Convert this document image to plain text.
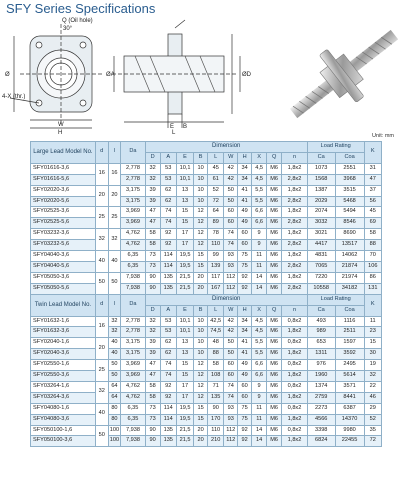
SFY Series Specifications
Q (Oil hole)
30°
4-X (thr.)
W
H
Ø
E B
L
ØA	ØD
Unit: mm
Large Lead Model No.	d	l	Da	Dimension										Load Rating		K
				D	A	E	B	L	W	H	X	Q	n	Ca	Coa	
SFY01616-3,6	16	16	2,778	32	53	10,1	10	45	42	34	4,5	M6	1,8x2	1073	2551	31
SFY01616-5,6			2,778	32	53	10,1	10	61	42	34	4,5	M6	2,8x2	1568	3968	47
SFY02020-3,6	20	20	3,175	39	62	13	10	52	50	41	5,5	M6	1,8x2	1387	3515	37
SFY02020-5,6			3,175	39	62	13	10	72	50	41	5,5	M6	2,8x2	2029	5468	56
SFY02525-3,6	25	25	3,969	47	74	15	12	64	60	49	6,6	M6	1,8x2	2074	5494	45
SFY02525-5,6			3,969	47	74	15	12	89	60	49	6,6	M6	2,8x2	3032	8546	69
SFY03232-3,6	32	32	4,762	58	92	17	12	78	74	60	9	M6	1,8x2	3021	8690	58
SFY03232-5,6			4,762	58	92	17	12	110	74	60	9	M6	2,8x2	4417	13517	88
SFY04040-3,6	40	40	6,35	73	114	19,5	15	99	93	75	11	M6	1,8x2	4831	14062	70
SFY04040-5,6			6,35	73	114	19,5	15	139	93	75	11	M6	2,8x2	7065	21874	106
SFY05050-3,6	50	50	7,938	90	135	21,5	20	117	112	92	14	M6	1,8x2	7220	21974	86
SFY05050-5,6			7,938	90	135	21,5	20	167	112	92	14	M6	2,8x2	10558	34182	131
Twin Lead Model No.	d	l	Da	Dimension										Load Rating		K
				D	A	E	B	L	W	H	X	Q	n	Ca	Coa	
SFY01632-1,6	16	32	2,778	32	53	10,1	10	42,5	42	34	4,5	M6	0,8x2	493	1116	11
SFY01632-3,6		32	2,778	32	53	10,1	10	74,5	42	34	4,5	M6	1,8x2	989	2511	23
SFY02040-1,6	20	40	3,175	39	62	13	10	48	50	41	5,5	M6	0,8x2	653	1597	15
SFY02040-3,6		40	3,175	39	62	13	10	88	50	41	5,5	M6	1,8x2	1311	3592	30
SFY02550-1,6	25	50	3,969	47	74	15	12	58	60	49	6,6	M6	0,8x2	976	2495	19
SFY02550-3,6		50	3,969	47	74	15	12	108	60	49	6,6	M6	1,8x2	1960	5614	32
SFY03264-1,6	32	64	4,762	58	92	17	12	71	74	60	9	M6	0,8x2	1374	3571	22
SFY03264-3,6		64	4,762	58	92	17	12	135	74	60	9	M6	1,8x2	2759	8441	46
SFY04080-1,6	40	80	6,35	73	114	19,5	15	90	93	75	11	M6	0,8x2	2273	6387	29
SFY04080-3,6		80	6,35	73	114	19,5	15	170	93	75	11	M6	1,8x2	4566	14370	52
SFY050100-1,6	50	100	7,938	90	135	21,5	20	110	112	92	14	M6	0,8x2	3398	9980	35
SFY050100-3,6		100	7,938	90	135	21,5	20	210	112	92	14	M6	1,8x2	6824	22455	72
